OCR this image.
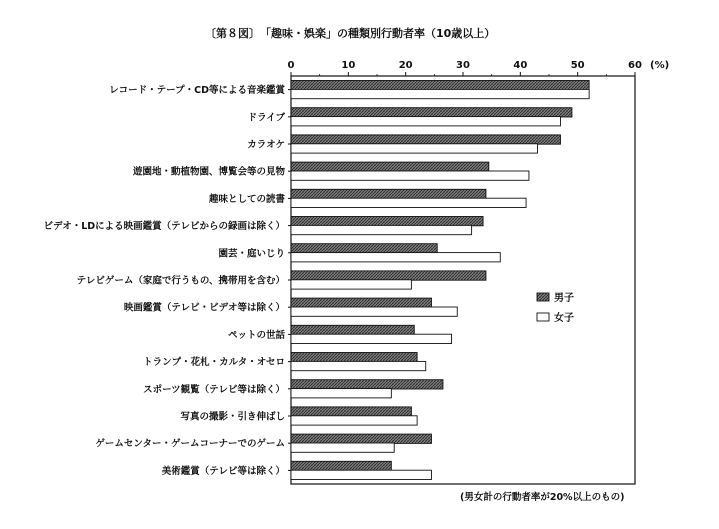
〔第８図〕　「趣味・娯楽」の種類別行動者率（10歳以上）
(%)
(男女計の行動者率が20%以上のもの)
0	10	20	30	40	50	60
レコード・テープ・CD等による音楽鑑賞
ドライブ
カラオケ
遊園地・動植物園、博覧会等の見物
趣味としての読書
ビデオ・LDによる映画鑑賞（テレビからの録画は除く）
園芸・庭いじり
テレビゲーム（家庭で行うもの、携帯用を含む）
映画鑑賞（テレビ・ビデオ等は除く）
ペットの世話
トランプ・花札・カルタ・オセロ
スポーツ観覧（テレビ等は除く）
写真の撮影・引き伸ばし
ゲームセンター・ゲームコーナーでのゲーム
美術鑑賞（テレビ等は除く）
男子
女子
